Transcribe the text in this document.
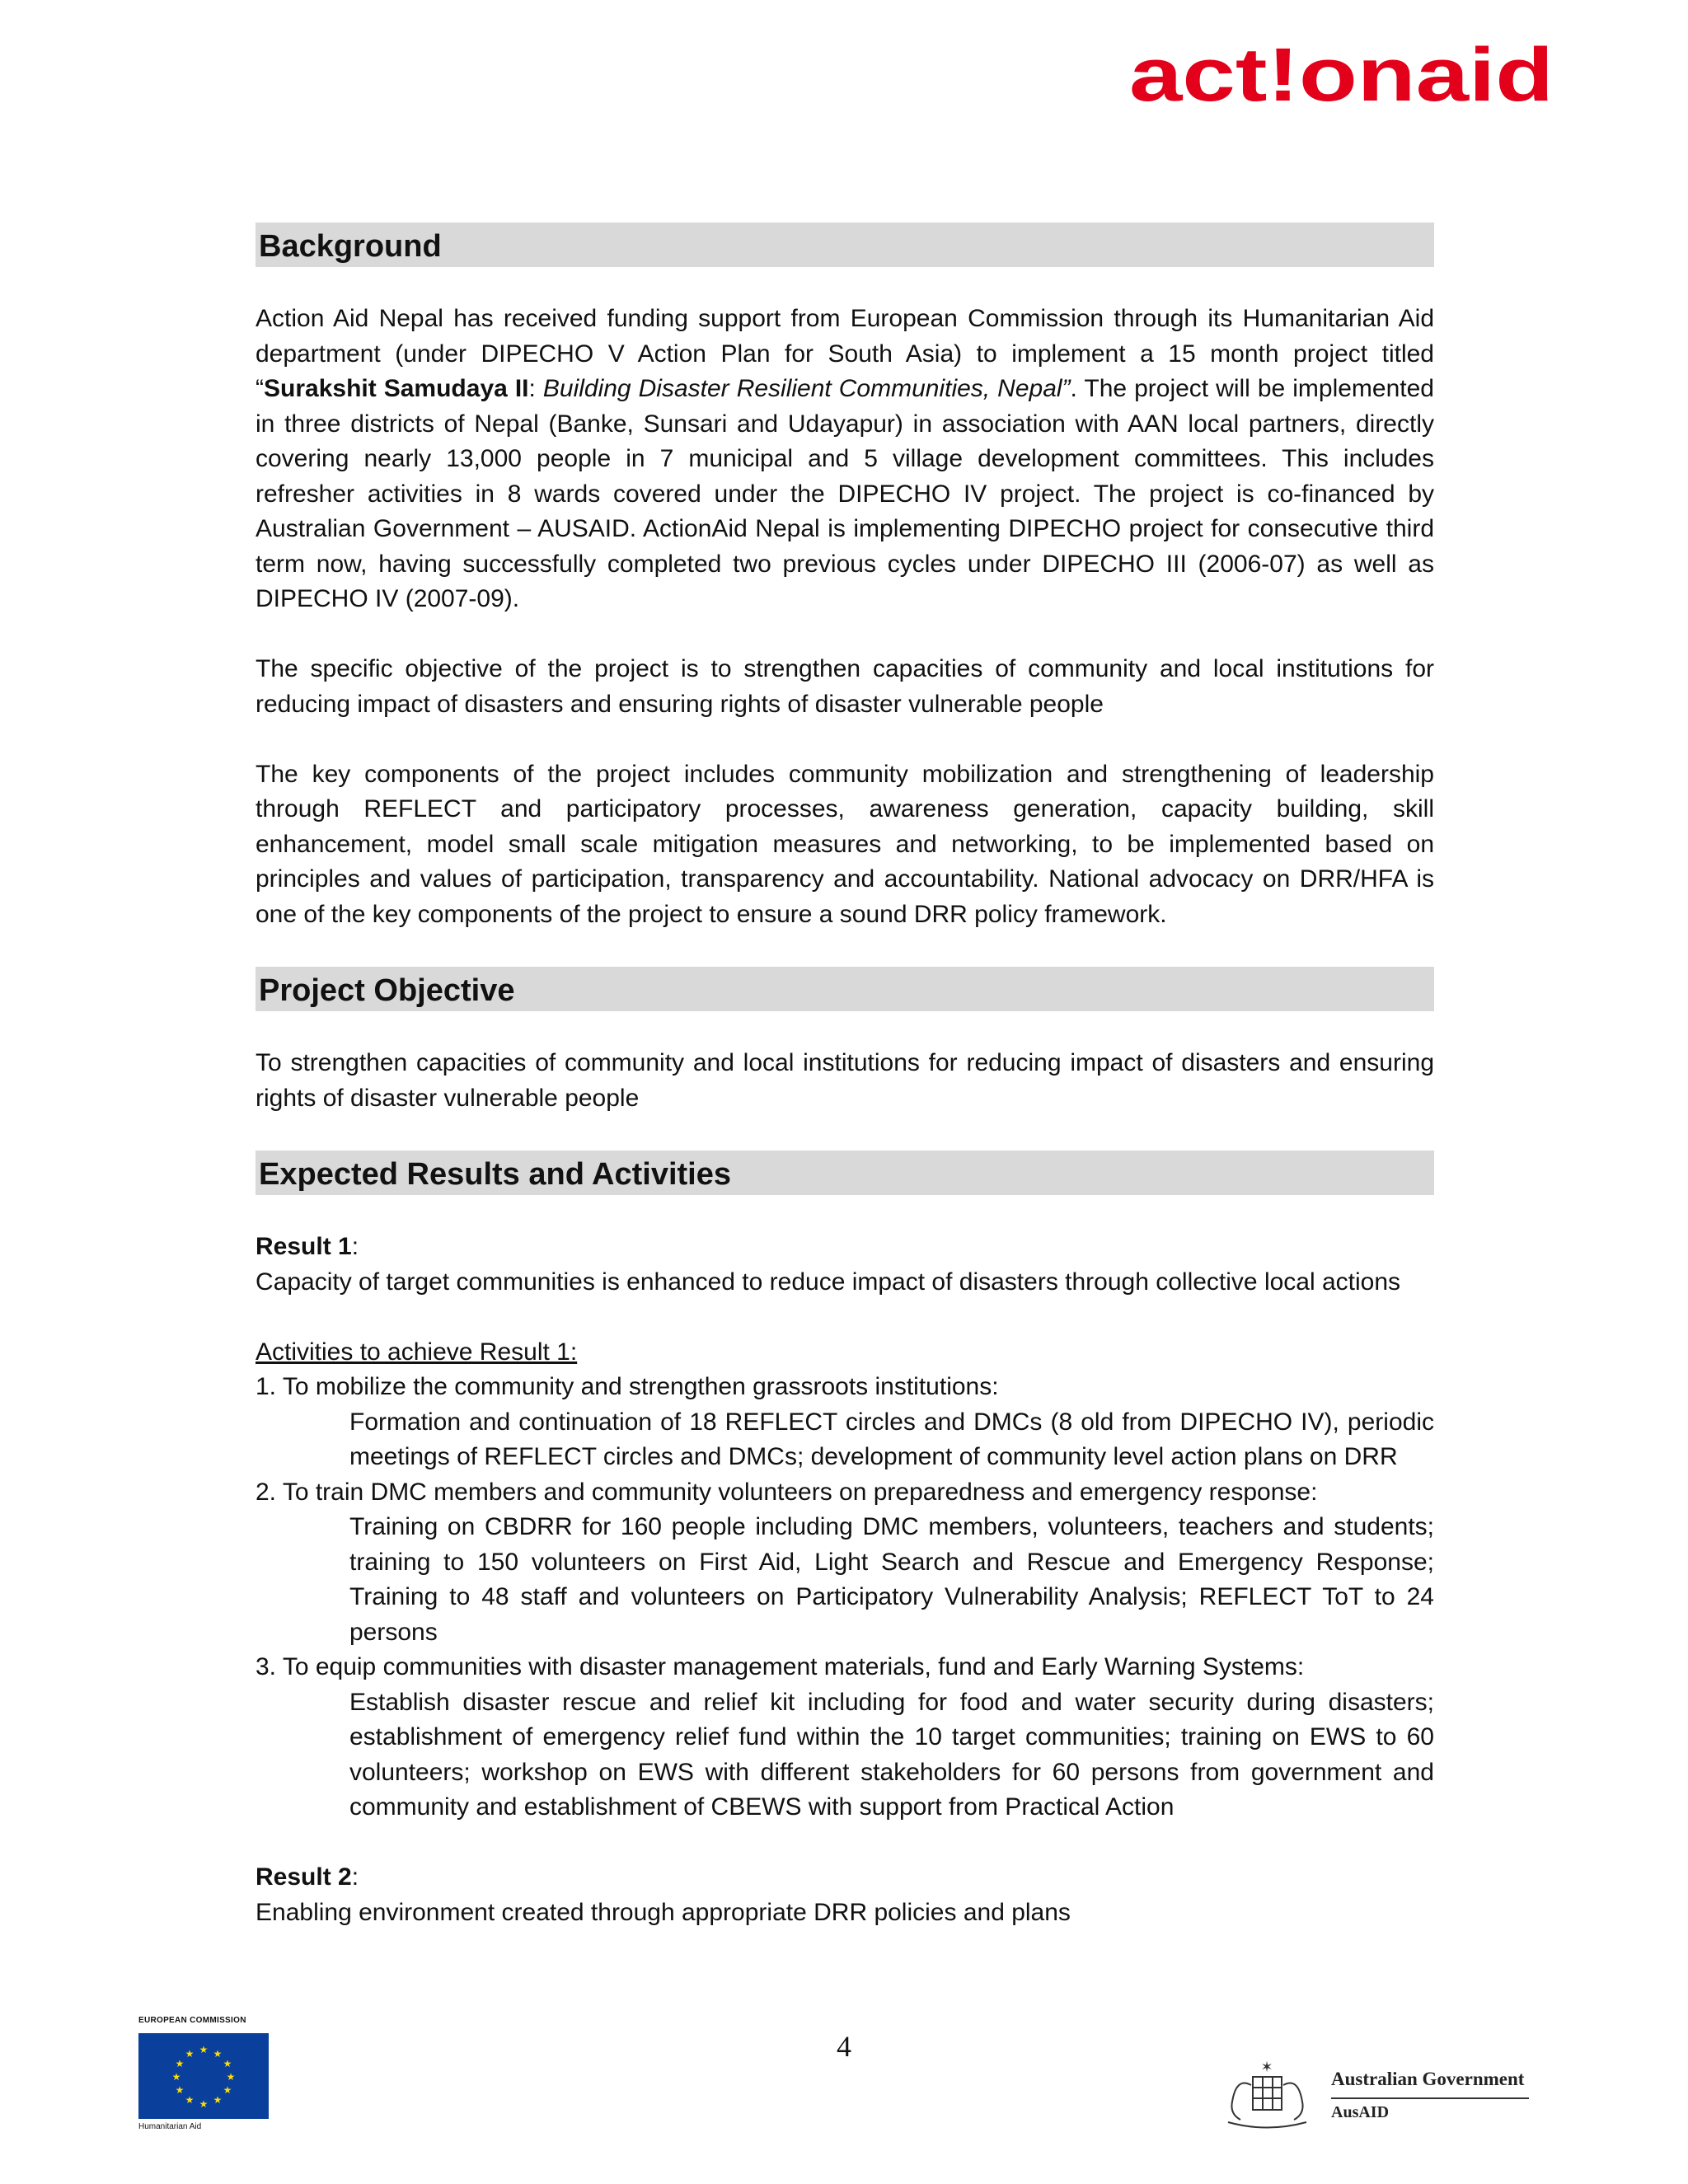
act!onaid
Background

Action Aid Nepal has received funding support from European Commission through its Humanitarian Aid department (under DIPECHO V Action Plan for South Asia) to implement a 15 month project titled “Surakshit Samudaya II: Building Disaster Resilient Communities, Nepal”. The project will be implemented in three districts of Nepal (Banke, Sunsari and Udayapur) in association with AAN local partners, directly covering nearly 13,000 people in 7 municipal and 5 village development committees. This includes refresher activities in 8 wards covered under the DIPECHO IV project. The project is co-financed by Australian Government – AUSAID. ActionAid Nepal is implementing DIPECHO project for consecutive third term now, having successfully completed two previous cycles under DIPECHO III (2006-07) as well as DIPECHO IV (2007-09).

The specific objective of the project is to strengthen capacities of community and local institutions for reducing impact of disasters and ensuring rights of disaster vulnerable people

The key components of the project includes community mobilization and strengthening of leadership through REFLECT and participatory processes, awareness generation, capacity building, skill enhancement, model small scale mitigation measures and networking, to be implemented based on principles and values of participation, transparency and accountability. National advocacy on DRR/HFA is one of the key components of the project to ensure a sound DRR policy framework.

Project Objective

To strengthen capacities of community and local institutions for reducing impact of disasters and ensuring rights of disaster vulnerable people

Expected Results and Activities

Result 1:

Capacity of target communities is enhanced to reduce impact of disasters through collective local actions

Activities to achieve Result 1:

1. To mobilize the community and strengthen grassroots institutions:

Formation and continuation of 18 REFLECT circles and DMCs (8 old from DIPECHO IV), periodic meetings of REFLECT circles and DMCs; development of community level action plans on DRR

2. To train DMC members and community volunteers on preparedness and emergency response:

Training on CBDRR for 160 people including DMC members, volunteers, teachers and students; training to 150 volunteers on First Aid, Light Search and Rescue and Emergency Response; Training to 48 staff and volunteers on Participatory Vulnerability Analysis; REFLECT ToT to 24 persons

3. To equip communities with disaster management materials, fund and Early Warning Systems:

Establish disaster rescue and relief kit including for food and water security during disasters; establishment of emergency relief fund within the 10 target communities; training on EWS to 60 volunteers; workshop on EWS with different stakeholders for 60 persons from government and community and establishment of CBEWS with support from Practical Action

Result 2:

Enabling environment created through appropriate DRR policies and plans

4
EUROPEAN COMMISSION
★ ★
★
★
★
★
★
★
★
★
★
★
Humanitarian Aid
✶
Australian Government
AusAID
